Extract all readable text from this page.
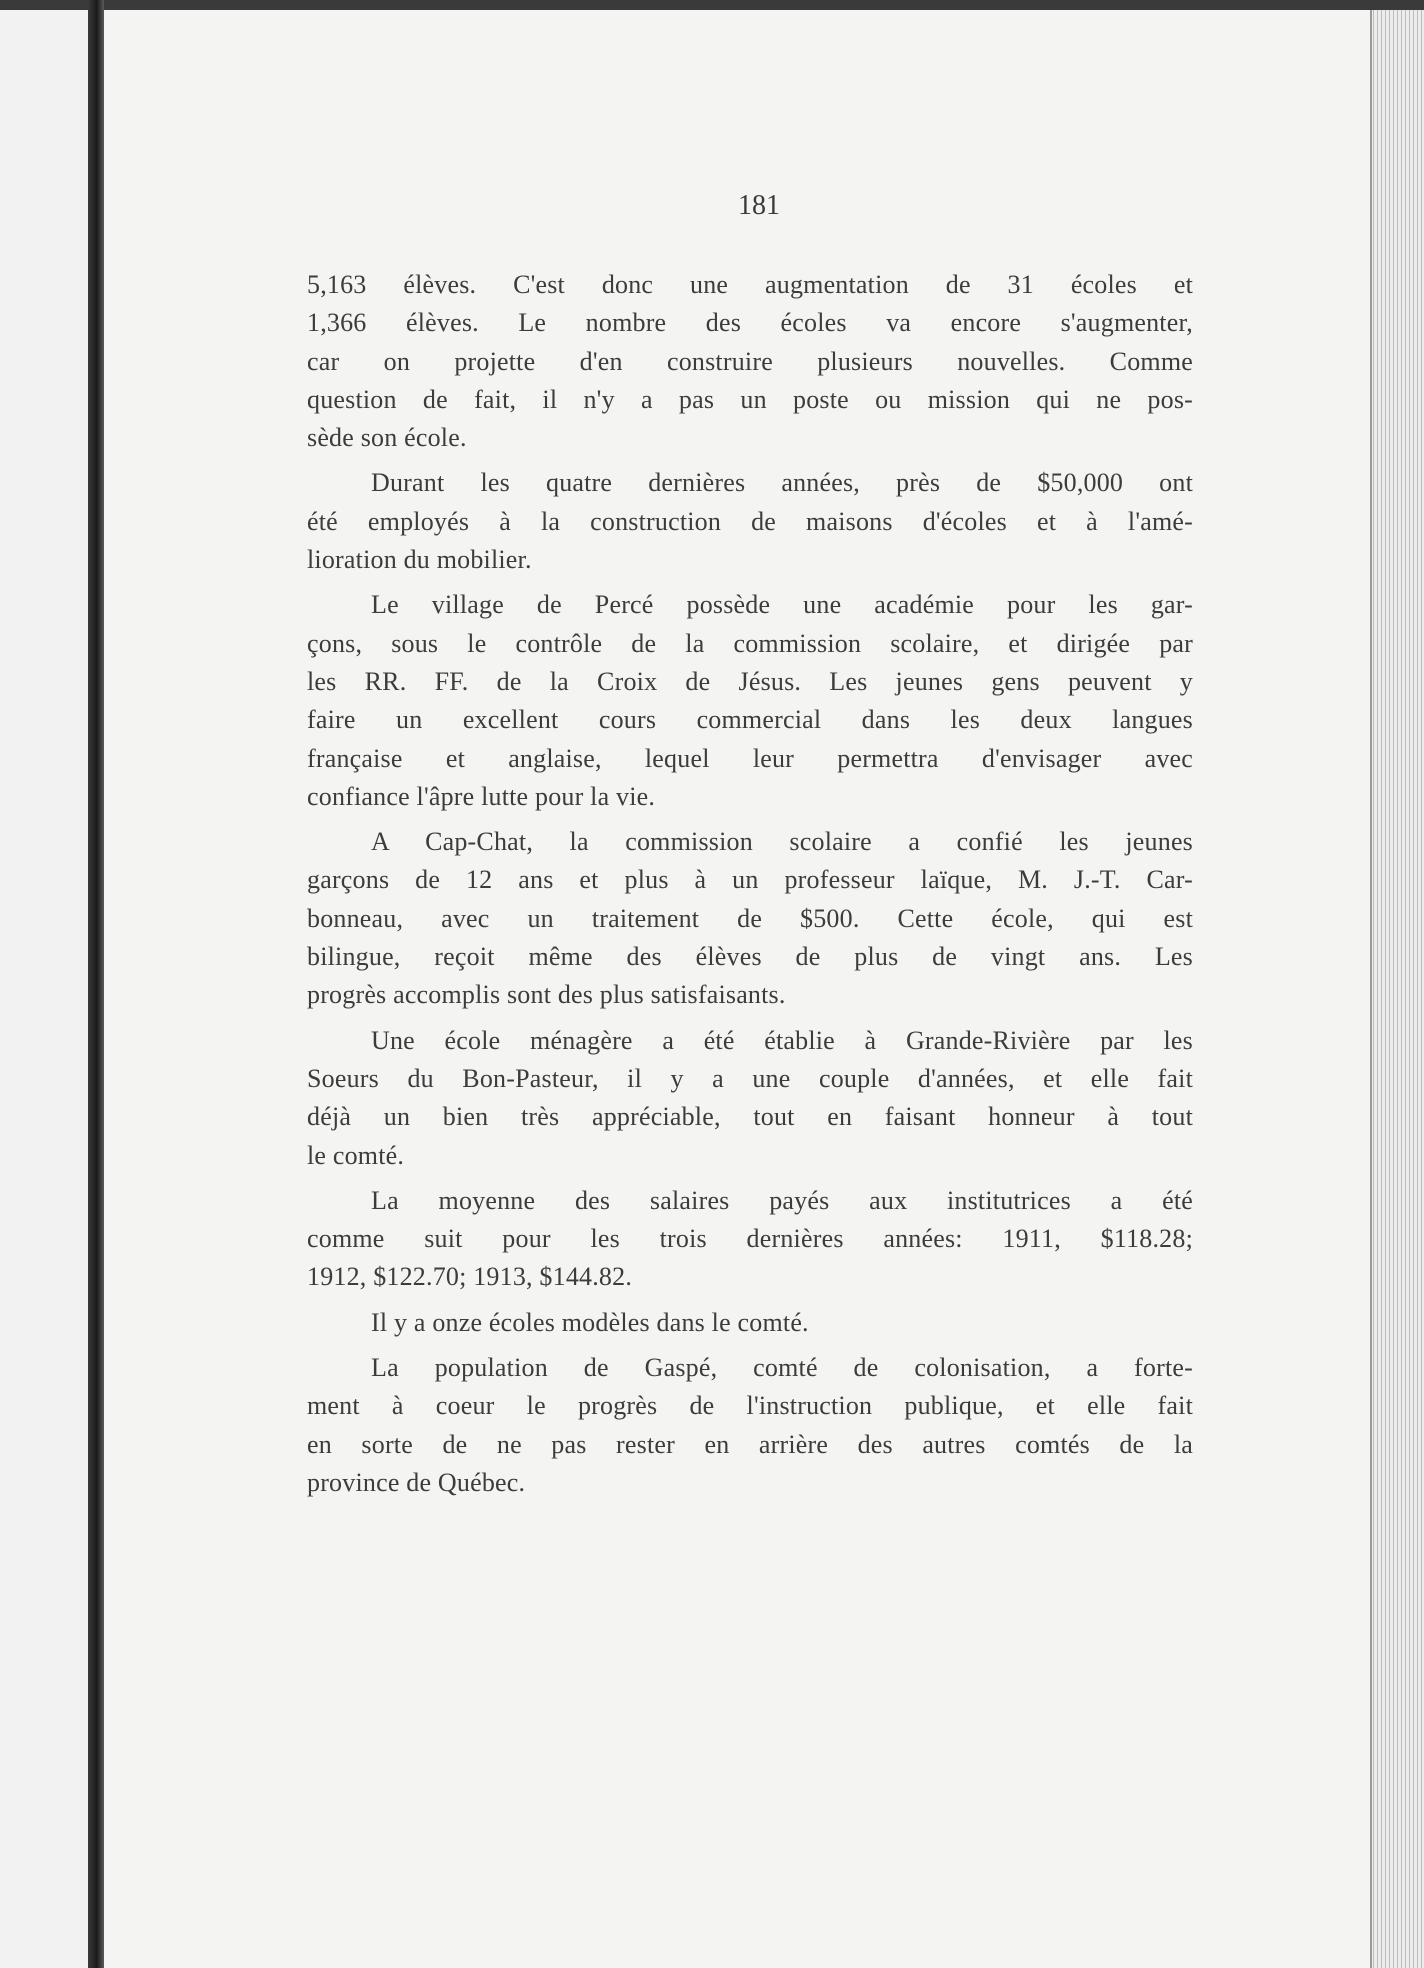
181
5,163 élèves. C'est donc une augmentation de 31 écoles et
1,366 élèves. Le nombre des écoles va encore s'augmenter,
car on projette d'en construire plusieurs nouvelles. Comme
question de fait, il n'y a pas un poste ou mission qui ne pos-
sède son école.
Durant les quatre dernières années, près de $50,000 ont
été employés à la construction de maisons d'écoles et à l'amé-
lioration du mobilier.
Le village de Percé possède une académie pour les gar-
çons, sous le contrôle de la commission scolaire, et dirigée par
les RR. FF. de la Croix de Jésus. Les jeunes gens peuvent y
faire un excellent cours commercial dans les deux langues
française et anglaise, lequel leur permettra d'envisager avec
confiance l'âpre lutte pour la vie.
A Cap-Chat, la commission scolaire a confié les jeunes
garçons de 12 ans et plus à un professeur laïque, M. J.-T. Car-
bonneau, avec un traitement de $500. Cette école, qui est
bilingue, reçoit même des élèves de plus de vingt ans. Les
progrès accomplis sont des plus satisfaisants.
Une école ménagère a été établie à Grande-Rivière par les
Soeurs du Bon-Pasteur, il y a une couple d'années, et elle fait
déjà un bien très appréciable, tout en faisant honneur à tout
le comté.
La moyenne des salaires payés aux institutrices a été
comme suit pour les trois dernières années: 1911, $118.28;
1912, $122.70; 1913, $144.82.
Il y a onze écoles modèles dans le comté.
La population de Gaspé, comté de colonisation, a forte-
ment à coeur le progrès de l'instruction publique, et elle fait
en sorte de ne pas rester en arrière des autres comtés de la
province de Québec.
